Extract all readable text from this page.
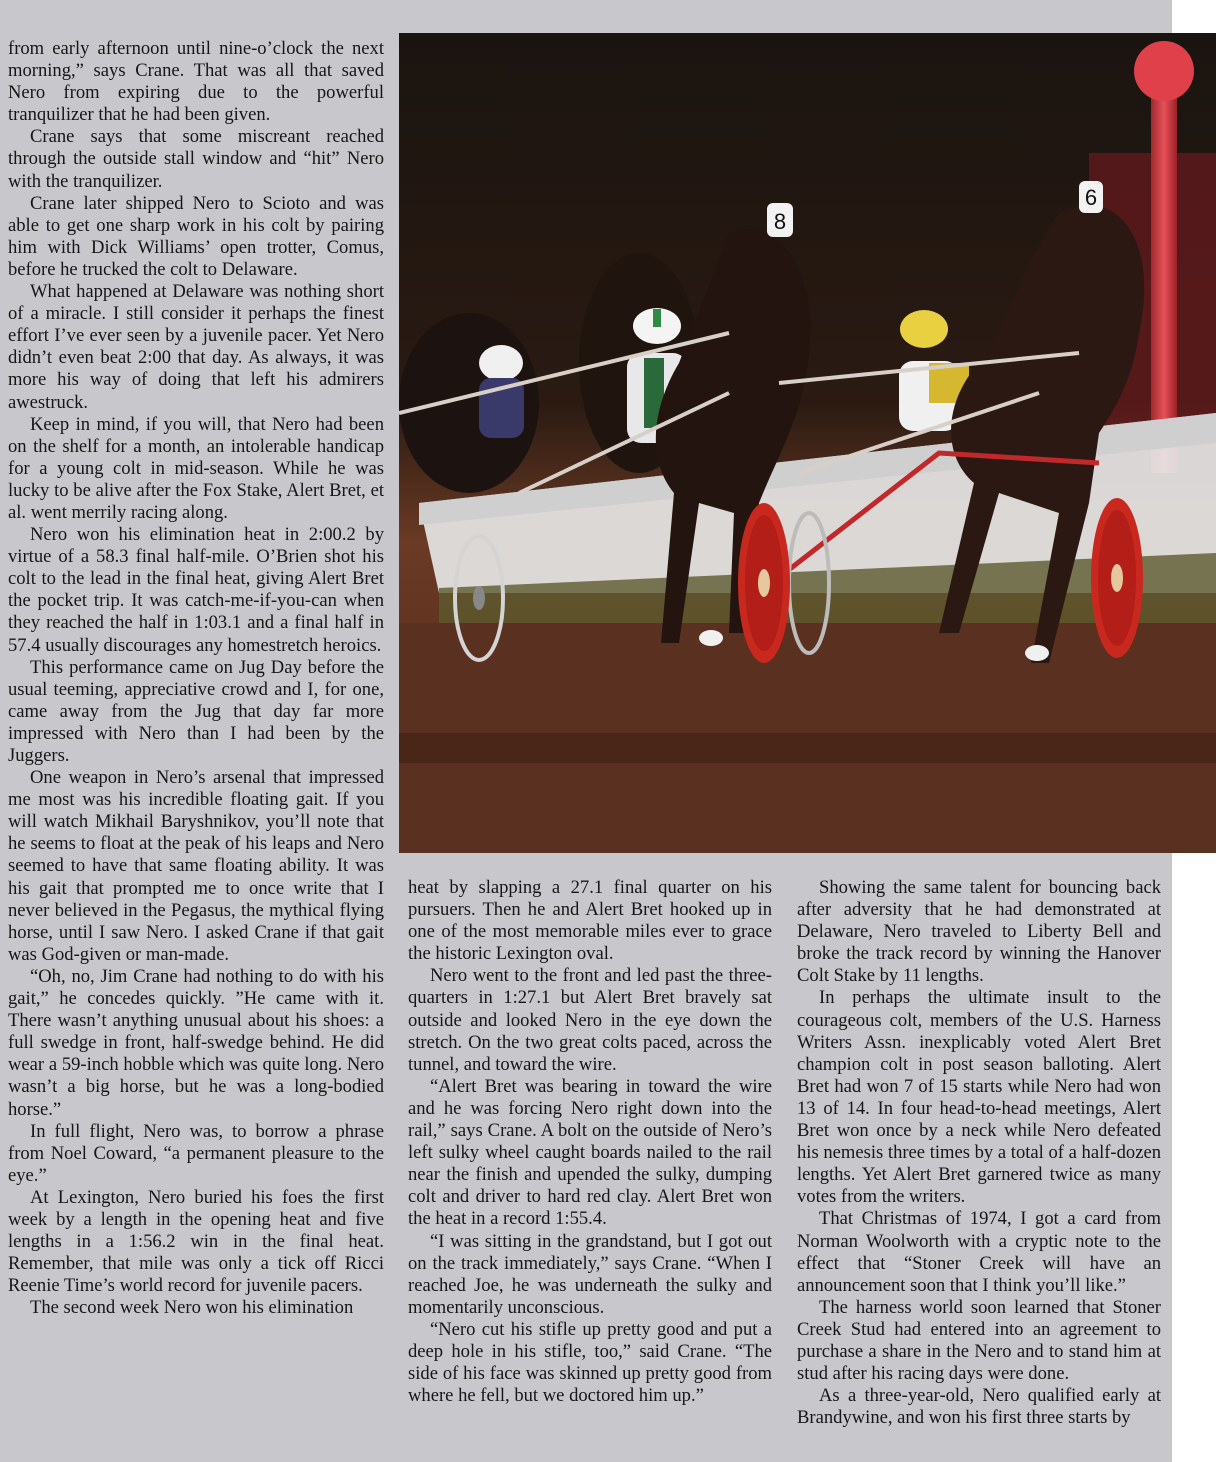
from early afternoon until nine-o’clock the next morning,” says Crane. That was all that saved Nero from expiring due to the powerful tranquilizer that he had been given.

Crane says that some miscreant reached through the outside stall window and “hit” Nero with the tranquilizer.

Crane later shipped Nero to Scioto and was able to get one sharp work in his colt by pairing him with Dick Williams’ open trotter, Comus, before he trucked the colt to Delaware.

What happened at Delaware was nothing short of a miracle. I still consider it perhaps the finest effort I’ve ever seen by a juvenile pacer. Yet Nero didn’t even beat 2:00 that day. As always, it was more his way of doing that left his admirers awestruck.

Keep in mind, if you will, that Nero had been on the shelf for a month, an intolerable handicap for a young colt in mid-season. While he was lucky to be alive after the Fox Stake, Alert Bret, et al. went merrily racing along.

Nero won his elimination heat in 2:00.2 by virtue of a 58.3 final half-mile. O’Brien shot his colt to the lead in the final heat, giving Alert Bret the pocket trip. It was catch-me-if-you-can when they reached the half in 1:03.1 and a final half in 57.4 usually discourages any homestretch heroics.

This performance came on Jug Day before the usual teeming, appreciative crowd and I, for one, came away from the Jug that day far more impressed with Nero than I had been by the Juggers.

One weapon in Nero’s arsenal that impressed me most was his incredible floating gait. If you will watch Mikhail Baryshnikov, you’ll note that he seems to float at the peak of his leaps and Nero seemed to have that same floating ability. It was his gait that prompted me to once write that I never believed in the Pegasus, the mythical flying horse, until I saw Nero. I asked Crane if that gait was God-given or man-made.

“Oh, no, Jim Crane had nothing to do with his gait,” he concedes quickly. ”He came with it. There wasn’t anything unusual about his shoes: a full swedge in front, half-swedge behind. He did wear a 59-inch hobble which was quite long. Nero wasn’t a big horse, but he was a long-bodied horse.”

In full flight, Nero was, to borrow a phrase from Noel Coward, “a permanent pleasure to the eye.”

At Lexington, Nero buried his foes the first week by a length in the opening heat and five lengths in a 1:56.2 win in the final heat. Remember, that mile was only a tick off Ricci Reenie Time’s world record for juvenile pacers.

The second week Nero won his elimination

8
6

heat by slapping a 27.1 final quarter on his pursuers. Then he and Alert Bret hooked up in one of the most memorable miles ever to grace the historic Lexington oval.

Nero went to the front and led past the three-quarters in 1:27.1 but Alert Bret bravely sat outside and looked Nero in the eye down the stretch. On the two great colts paced, across the tunnel, and toward the wire.

“Alert Bret was bearing in toward the wire and he was forcing Nero right down into the rail,” says Crane. A bolt on the outside of Nero’s left sulky wheel caught boards nailed to the rail near the finish and upended the sulky, dumping colt and driver to hard red clay. Alert Bret won the heat in a record 1:55.4.

“I was sitting in the grandstand, but I got out on the track immediately,” says Crane. “When I reached Joe, he was underneath the sulky and momentarily unconscious.

“Nero cut his stifle up pretty good and put a deep hole in his stifle, too,” said Crane. “The side of his face was skinned up pretty good from where he fell, but we doctored him up.”

Showing the same talent for bouncing back after adversity that he had demonstrated at Delaware, Nero traveled to Liberty Bell and broke the track record by winning the Hanover Colt Stake by 11 lengths.

In perhaps the ultimate insult to the courageous colt, members of the U.S. Harness Writers Assn. inexplicably voted Alert Bret champion colt in post season balloting. Alert Bret had won 7 of 15 starts while Nero had won 13 of 14. In four head-to-head meetings, Alert Bret won once by a neck while Nero defeated his nemesis three times by a total of a half-dozen lengths. Yet Alert Bret garnered twice as many votes from the writers.

That Christmas of 1974, I got a card from Norman Woolworth with a cryptic note to the effect that “Stoner Creek will have an announcement soon that I think you’ll like.”

The harness world soon learned that Stoner Creek Stud had entered into an agreement to purchase a share in the Nero and to stand him at stud after his racing days were done.

As a three-year-old, Nero qualified early at Brandywine, and won his first three starts by
